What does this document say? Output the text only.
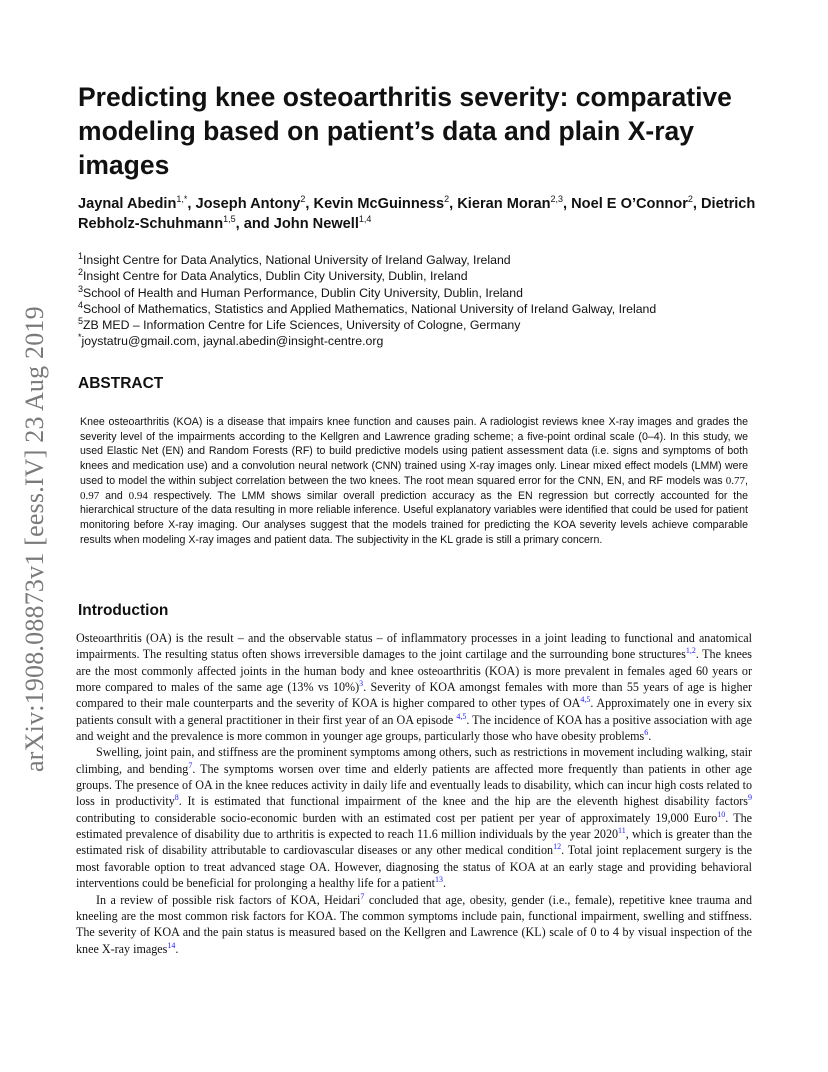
arXiv:1908.08873v1 [eess.IV] 23 Aug 2019
Predicting knee osteoarthritis severity: comparative modeling based on patient’s data and plain X-ray images

Jaynal Abedin$^{1,*}$, Joseph Antony$^2$, Kevin McGuinness$^2$, Kieran Moran$^{2,3}$, Noel E O’Connor$^2$, Dietrich Rebholz-Schuhmann$^{1,5}$, and John Newell$^{1,4}$

$^1$Insight Centre for Data Analytics, National University of Ireland Galway, Ireland
$^2$Insight Centre for Data Analytics, Dublin City University, Dublin, Ireland
$^3$School of Health and Human Performance, Dublin City University, Dublin, Ireland
$^4$School of Mathematics, Statistics and Applied Mathematics, National University of Ireland Galway, Ireland
$^5$ZB MED – Information Centre for Life Sciences, University of Cologne, Germany
*joystatru@gmail.com, jaynal.abedin@insight-centre.org
ABSTRACT

Knee osteoarthritis (KOA) is a disease that impairs knee function and causes pain. A radiologist reviews knee X-ray images and grades the severity level of the impairments according to the Kellgren and Lawrence grading scheme; a five-point ordinal scale (0–4). In this study, we used Elastic Net (EN) and Random Forests (RF) to build predictive models using patient assessment data (i.e. signs and symptoms of both knees and medication use) and a convolution neural network (CNN) trained using X-ray images only. Linear mixed effect models (LMM) were used to model the within subject correlation between the two knees. The root mean squared error for the CNN, EN, and RF models was 0.77, 0.97 and 0.94 respectively. The LMM shows similar overall prediction accuracy as the EN regression but correctly accounted for the hierarchical structure of the data resulting in more reliable inference. Useful explanatory variables were identified that could be used for patient monitoring before X-ray imaging. Our analyses suggest that the models trained for predicting the KOA severity levels achieve comparable results when modeling X-ray images and patient data. The subjectivity in the KL grade is still a primary concern.

Introduction

Osteoarthritis (OA) is the result – and the observable status – of inflammatory processes in a joint leading to functional and anatomical impairments. The resulting status often shows irreversible damages to the joint cartilage and the surrounding bone structures$^{1,2}$. The knees are the most commonly affected joints in the human body and knee osteoarthritis (KOA) is more prevalent in females aged 60 years or more compared to males of the same age (13% vs 10%)$^3$. Severity of KOA amongst females with more than 55 years of age is higher compared to their male counterparts and the severity of KOA is higher compared to other types of OA$^{4,5}$. Approximately one in every six patients consult with a general practitioner in their first year of an OA episode $^{4,5}$. The incidence of KOA has a positive association with age and weight and the prevalence is more common in younger age groups, particularly those who have obesity problems$^6$.

Swelling, joint pain, and stiffness are the prominent symptoms among others, such as restrictions in movement including walking, stair climbing, and bending$^7$. The symptoms worsen over time and elderly patients are affected more frequently than patients in other age groups. The presence of OA in the knee reduces activity in daily life and eventually leads to disability, which can incur high costs related to loss in productivity$^8$. It is estimated that functional impairment of the knee and the hip are the eleventh highest disability factors$^9$ contributing to considerable socio-economic burden with an estimated cost per patient per year of approximately 19,000 Euro$^{10}$. The estimated prevalence of disability due to arthritis is expected to reach 11.6 million individuals by the year 2020$^{11}$, which is greater than the estimated risk of disability attributable to cardiovascular diseases or any other medical condition$^{12}$. Total joint replacement surgery is the most favorable option to treat advanced stage OA. However, diagnosing the status of KOA at an early stage and providing behavioral interventions could be beneficial for prolonging a healthy life for a patient$^{13}$.

In a review of possible risk factors of KOA, Heidari$^7$ concluded that age, obesity, gender (i.e., female), repetitive knee trauma and kneeling are the most common risk factors for KOA. The common symptoms include pain, functional impairment, swelling and stiffness. The severity of KOA and the pain status is measured based on the Kellgren and Lawrence (KL) scale of 0 to 4 by visual inspection of the knee X-ray images$^{14}$.
